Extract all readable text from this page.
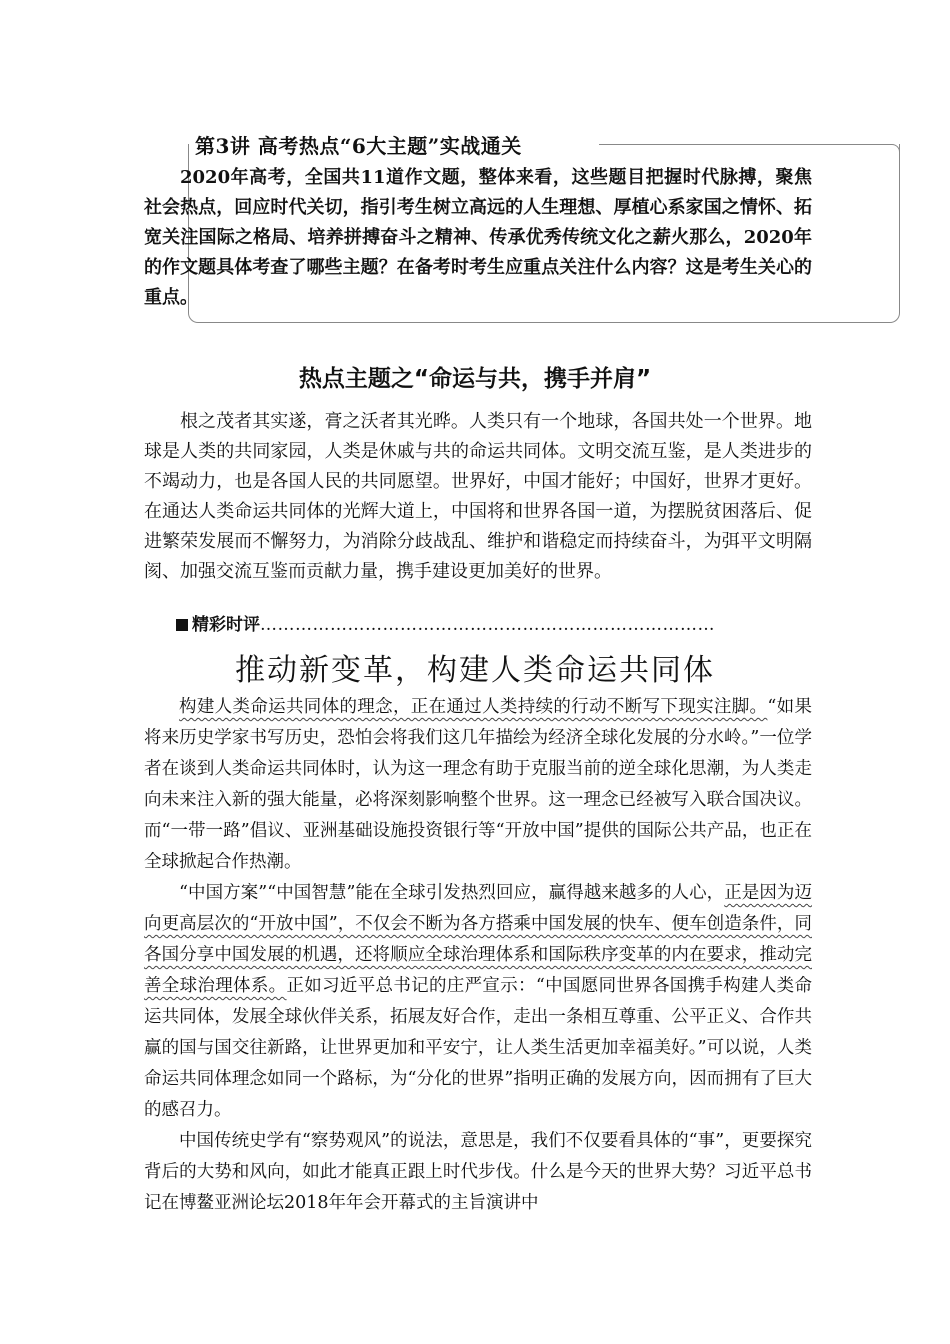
第3讲 高考热点“6大主题”实战通关

2020年高考，全国共11道作文题，整体来看，这些题目把握时代脉搏，聚焦社会热点，回应时代关切，指引考生树立高远的人生理想、厚植心系家国之情怀、拓宽关注国际之格局、培养拼搏奋斗之精神、传承优秀传统文化之薪火那么，2020年的作文题具体考查了哪些主题？在备考时考生应重点关注什么内容？这是考生关心的重点。

热点主题之“命运与共，携手并肩”

根之茂者其实遂，膏之沃者其光晔。人类只有一个地球，各国共处一个世界。地球是人类的共同家园，人类是休戚与共的命运共同体。文明交流互鉴，是人类进步的不竭动力，也是各国人民的共同愿望。世界好，中国才能好；中国好，世界才更好。在通达人类命运共同体的光辉大道上，中国将和世界各国一道，为摆脱贫困落后、促进繁荣发展而不懈努力，为消除分歧战乱、维护和谐稳定而持续奋斗，为弭平文明隔阂、加强交流互鉴而贡献力量，携手建设更加美好的世界。

精彩时评……………………………………………………………………
推动新变革，构建人类命运共同体

构建人类命运共同体的理念，正在通过人类持续的行动不断写下现实注脚。“如果将来历史学家书写历史，恐怕会将我们这几年描绘为经济全球化发展的分水岭。”一位学者在谈到人类命运共同体时，认为这一理念有助于克服当前的逆全球化思潮，为人类走向未来注入新的强大能量，必将深刻影响整个世界。这一理念已经被写入联合国决议。而“一带一路”倡议、亚洲基础设施投资银行等“开放中国”提供的国际公共产品，也正在全球掀起合作热潮。

“中国方案”“中国智慧”能在全球引发热烈回应，赢得越来越多的人心，正是因为迈向更高层次的“开放中国”，不仅会不断为各方搭乘中国发展的快车、便车创造条件，同各国分享中国发展的机遇，还将顺应全球治理体系和国际秩序变革的内在要求，推动完善全球治理体系。正如习近平总书记的庄严宣示：“中国愿同世界各国携手构建人类命运共同体，发展全球伙伴关系，拓展友好合作，走出一条相互尊重、公平正义、合作共赢的国与国交往新路，让世界更加和平安宁，让人类生活更加幸福美好。”可以说，人类命运共同体理念如同一个路标，为“分化的世界”指明正确的发展方向，因而拥有了巨大的感召力。

中国传统史学有“察势观风”的说法，意思是，我们不仅要看具体的“事”，更要探究背后的大势和风向，如此才能真正跟上时代步伐。什么是今天的世界大势？习近平总书记在博鳌亚洲论坛2018年年会开幕式的主旨演讲中
